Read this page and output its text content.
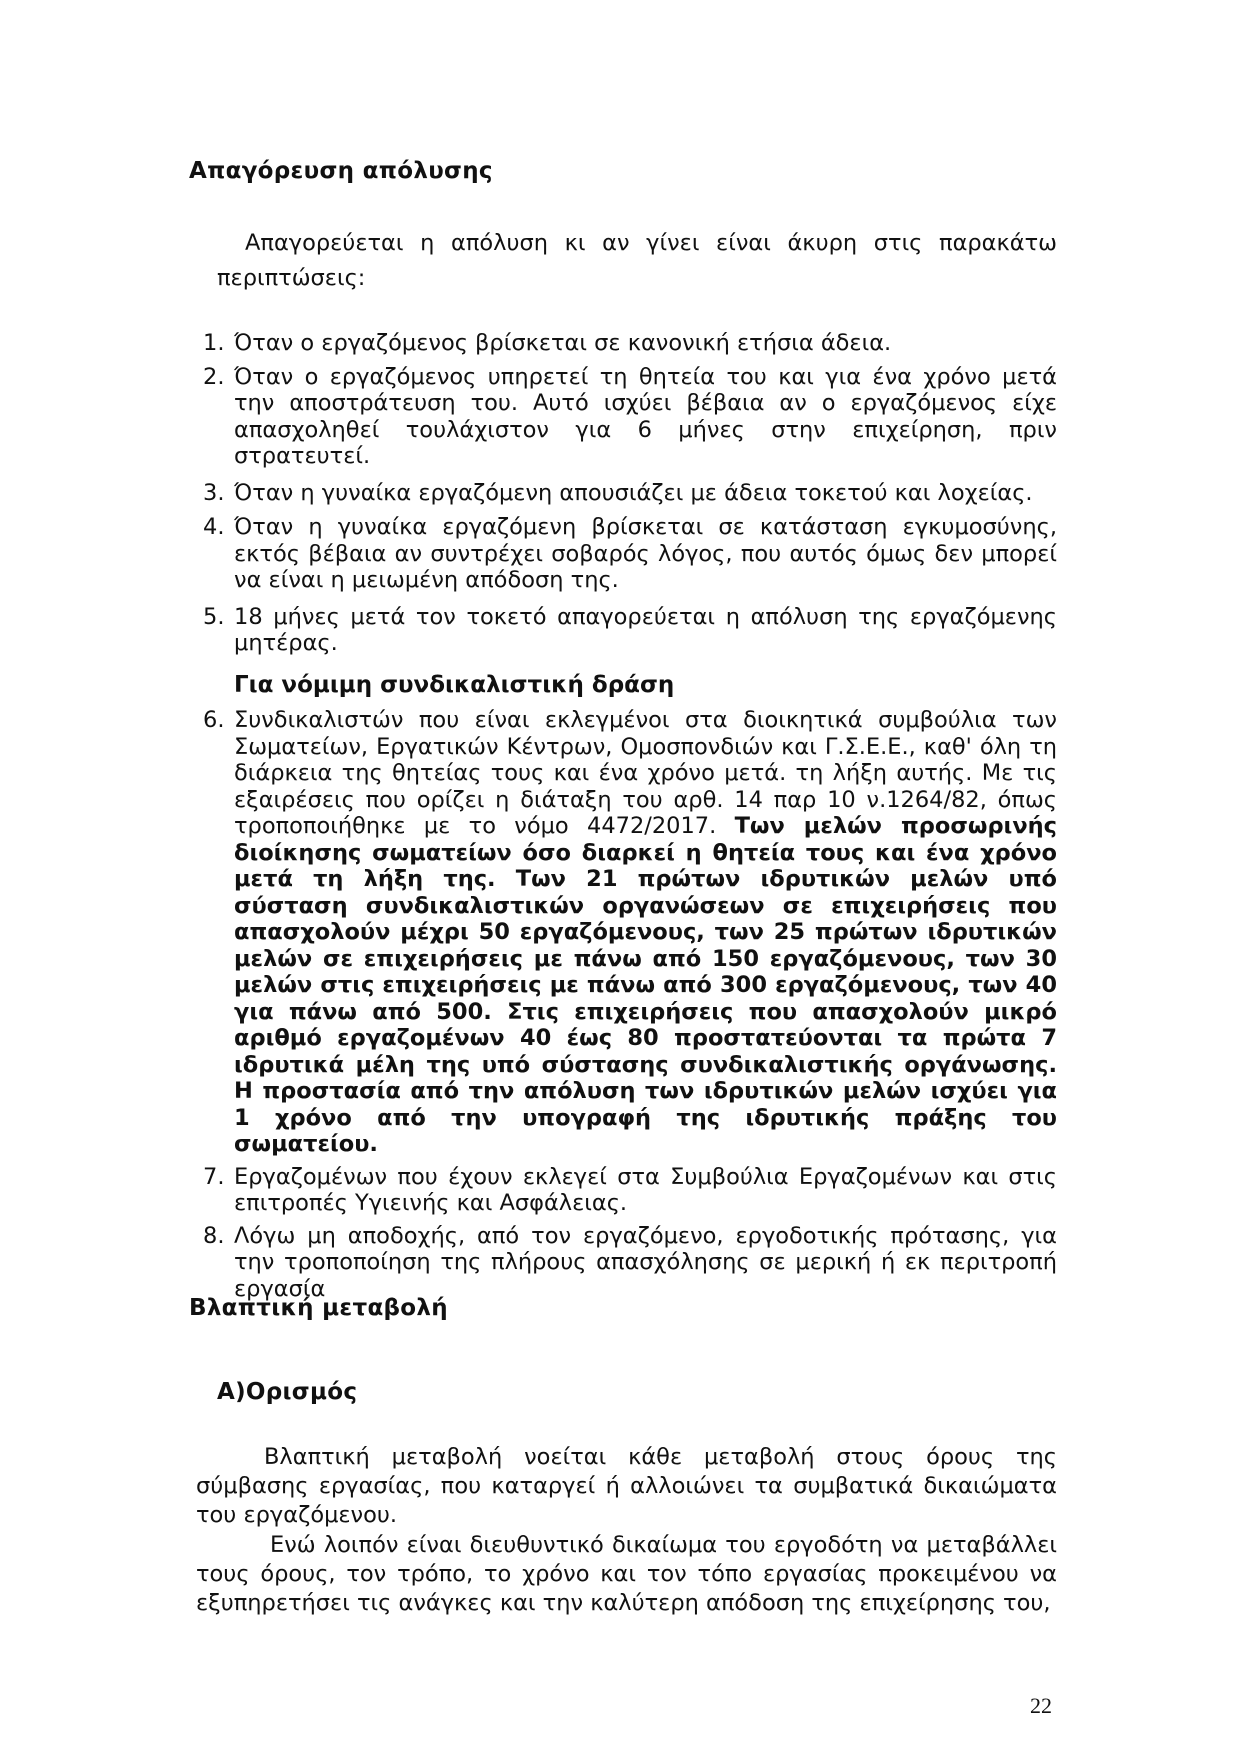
Απαγόρευση απόλυσης

Απαγορεύεται η απόλυση κι αν γίνει είναι άκυρη στις παρακάτω περιπτώσεις:

1. Όταν ο εργαζόμενος βρίσκεται σε κανονική ετήσια άδεια.
2. Όταν ο εργαζόμενος υπηρετεί τη θητεία του και για ένα χρόνο μετά την αποστράτευση του. Αυτό ισχύει βέβαια αν ο εργαζόμενος είχε απασχοληθεί τουλάχιστον για 6 μήνες στην επιχείρηση, πριν στρατευτεί.
3. Όταν η γυναίκα εργαζόμενη απουσιάζει με άδεια τοκετού και λοχείας.
4. Όταν η γυναίκα εργαζόμενη βρίσκεται σε κατάσταση εγκυμοσύνης, εκτός βέβαια αν συντρέχει σοβαρός λόγος, που αυτός όμως δεν μπορεί να είναι η μειωμένη απόδοση της.
5. 18 μήνες μετά τον τοκετό απαγορεύεται η απόλυση της εργαζόμενης μητέρας.
Για νόμιμη συνδικαλιστική δράση
6. Συνδικαλιστών που είναι εκλεγμένοι στα διοικητικά συμβούλια των Σωματείων, Εργατικών Κέντρων, Ομοσπονδιών και Γ.Σ.Ε.Ε., καθ' όλη τη διάρκεια της θητείας τους και ένα χρόνο μετά. τη λήξη αυτής. Με τις εξαιρέσεις που ορίζει η διάταξη του αρθ. 14 παρ 10 ν.1264/82, όπως τροποποιήθηκε με το νόμο 4472/2017. Των μελών προσωρινής διοίκησης σωματείων όσο διαρκεί η θητεία τους και ένα χρόνο μετά τη λήξη της. Των 21 πρώτων ιδρυτικών μελών υπό σύσταση συνδικαλιστικών οργανώσεων σε επιχειρήσεις που απασχολούν μέχρι 50 εργαζόμενους, των 25 πρώτων ιδρυτικών μελών σε επιχειρήσεις με πάνω από 150 εργαζόμενους, των 30 μελών στις επιχειρήσεις με πάνω από 300 εργαζόμενους, των 40 για πάνω από 500. Στις επιχειρήσεις που απασχολούν μικρό αριθμό εργαζομένων 40 έως 80 προστατεύονται τα πρώτα 7 ιδρυτικά μέλη της υπό σύστασης συνδικαλιστικής οργάνωσης. Η προστασία από την απόλυση των ιδρυτικών μελών ισχύει για 1 χρόνο από την υπογραφή της ιδρυτικής πράξης του σωματείου.
7. Εργαζομένων που έχουν εκλεγεί στα Συμβούλια Εργαζομένων και στις επιτροπές Υγιεινής και Ασφάλειας.
8. Λόγω μη αποδοχής, από τον εργαζόμενο, εργοδοτικής πρότασης, για την τροποποίηση της πλήρους απασχόλησης σε μερική ή εκ περιτροπή εργασία
Βλαπτική μεταβολή
Α)Ορισμός

Βλαπτική μεταβολή νοείται κάθε μεταβολή στους όρους της σύμβασης εργασίας, που καταργεί ή αλλοιώνει τα συμβατικά δικαιώματα του εργαζόμενου.

Ενώ λοιπόν είναι διευθυντικό δικαίωμα του εργοδότη να μεταβάλλει τους όρους, τον τρόπο, το χρόνο και τον τόπο εργασίας προκειμένου να εξυπηρετήσει τις ανάγκες και την καλύτερη απόδοση της επιχείρησης του,

22
